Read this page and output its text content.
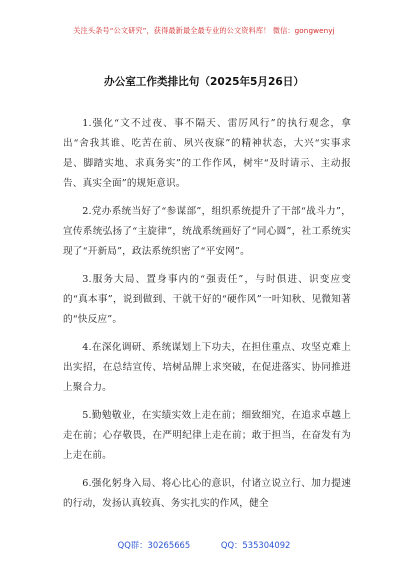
关注头条号“公文研究”，获得最新最全最专业的公文资料库！ 微信：gongwenyj
办公室工作类排比句（2025年5月26日）

1.强化“文不过夜、事不隔天、雷厉风行”的执行观念，拿出“舍我其谁、吃苦在前、夙兴夜寐”的精神状态，大兴“实事求是、脚踏实地、求真务实”的工作作风，树牢“及时请示、主动报告、真实全面”的规矩意识。

2.党办系统当好了“参谋部”，组织系统提升了干部“战斗力”，宣传系统弘扬了“主旋律”，统战系统画好了“同心圆”，社工系统实现了“开新局”，政法系统织密了“平安网”。

3.服务大局、置身事内的“强责任”，与时俱进、识变应变的“真本事”，说到做到、干就干好的“硬作风”一叶知秋、见微知著的“快反应”。

4.在深化调研、系统谋划上下功夫，在担住重点、攻坚克难上出实招，在总结宣传、培树品牌上求突破，在促进落实、协同推进上聚合力。

5.勤勉敬业，在实绩实效上走在前；细致细究，在追求卓越上走在前；心存敬畏，在严明纪律上走在前；敢于担当，在奋发有为上走在前。

6.强化躬身入局、将心比心的意识，付诸立说立行、加力提速的行动，发扬认真较真、务实扎实的作风，健全

QQ群：30265665	QQ：535304092
